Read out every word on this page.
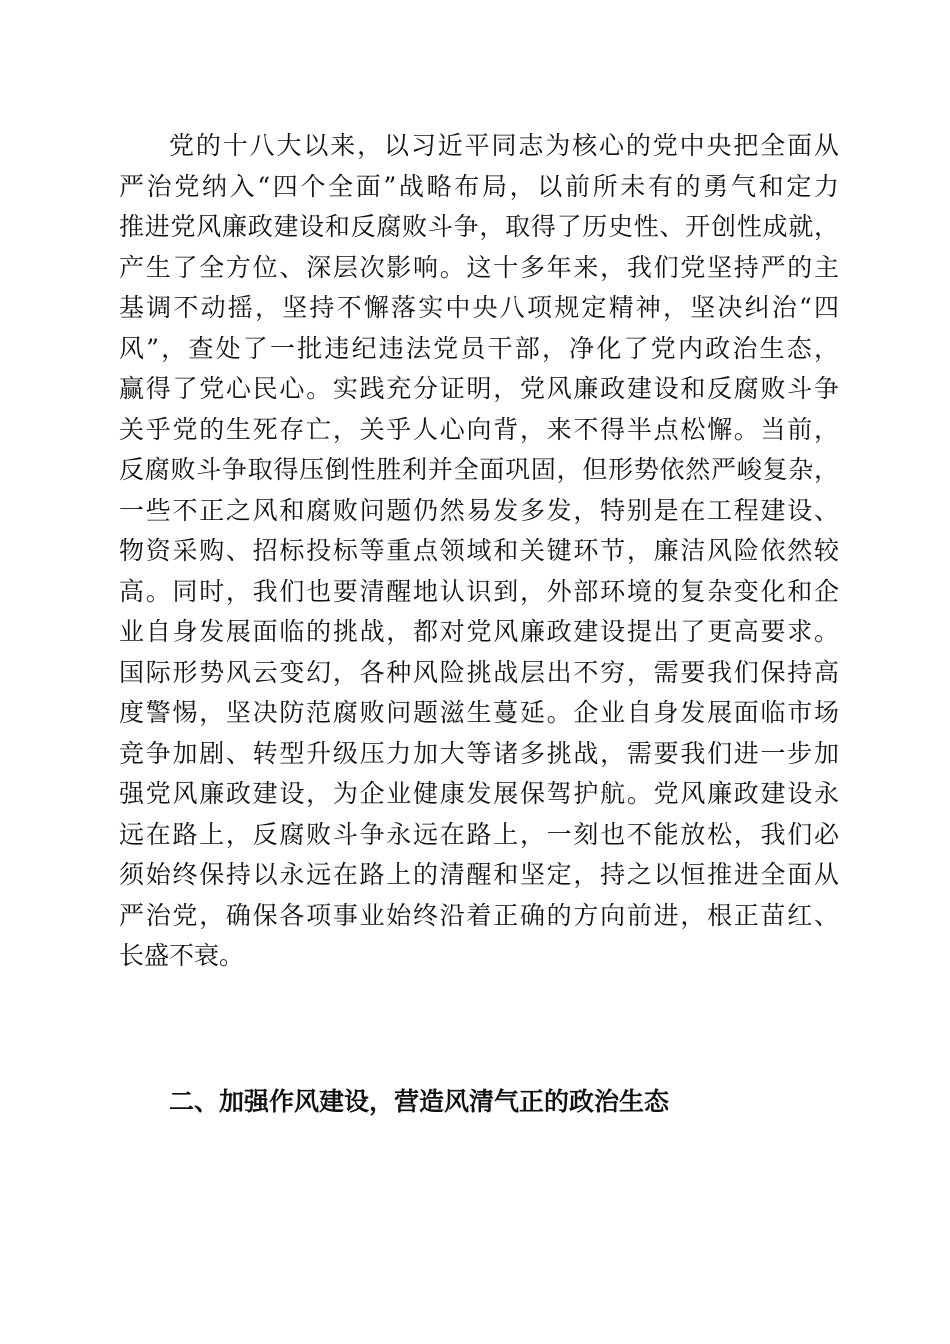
党的十八大以来，以习近平同志为核心的党中央把全面从
严治党纳入“四个全面”战略布局，以前所未有的勇气和定力
推进党风廉政建设和反腐败斗争，取得了历史性、开创性成就，
产生了全方位、深层次影响。这十多年来，我们党坚持严的主
基调不动摇，坚持不懈落实中央八项规定精神，坚决纠治“四
风”，查处了一批违纪违法党员干部，净化了党内政治生态，
赢得了党心民心。实践充分证明，党风廉政建设和反腐败斗争
关乎党的生死存亡，关乎人心向背，来不得半点松懈。当前，
反腐败斗争取得压倒性胜利并全面巩固，但形势依然严峻复杂，
一些不正之风和腐败问题仍然易发多发，特别是在工程建设、
物资采购、招标投标等重点领域和关键环节，廉洁风险依然较
高。同时，我们也要清醒地认识到，外部环境的复杂变化和企
业自身发展面临的挑战，都对党风廉政建设提出了更高要求。
国际形势风云变幻，各种风险挑战层出不穷，需要我们保持高
度警惕，坚决防范腐败问题滋生蔓延。企业自身发展面临市场
竞争加剧、转型升级压力加大等诸多挑战，需要我们进一步加
强党风廉政建设，为企业健康发展保驾护航。党风廉政建设永
远在路上，反腐败斗争永远在路上，一刻也不能放松，我们必
须始终保持以永远在路上的清醒和坚定，持之以恒推进全面从
严治党，确保各项事业始终沿着正确的方向前进，根正苗红、
长盛不衰。
二、加强作风建设，营造风清气正的政治生态
